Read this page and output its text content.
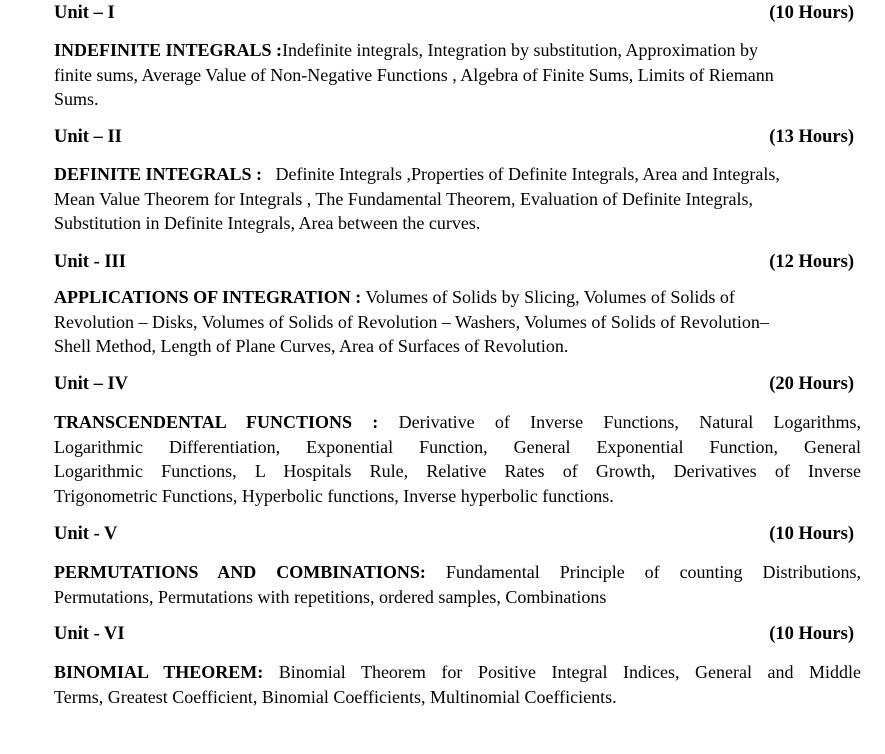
Unit – I	(10 Hours)
INDEFINITE INTEGRALS :Indefinite integrals, Integration by substitution, Approximation by
finite sums, Average Value of Non-Negative Functions , Algebra of Finite Sums, Limits of Riemann
Sums.
Unit – II	(13 Hours)
DEFINITE INTEGRALS :   Definite Integrals ,Properties of Definite Integrals, Area and Integrals,
Mean Value Theorem for Integrals , The Fundamental Theorem, Evaluation of Definite Integrals,
Substitution in Definite Integrals, Area between the curves.
Unit - III	(12 Hours)
APPLICATIONS OF INTEGRATION : Volumes of Solids by Slicing, Volumes of Solids of
Revolution – Disks, Volumes of Solids of Revolution – Washers, Volumes of Solids of Revolution–
Shell Method, Length of Plane Curves, Area of Surfaces of Revolution.
Unit – IV	(20 Hours)
TRANSCENDENTAL FUNCTIONS : Derivative of Inverse Functions, Natural Logarithms,
Logarithmic Differentiation, Exponential Function, General Exponential Function, General
Logarithmic Functions, L Hospitals Rule, Relative Rates of Growth, Derivatives of Inverse
Trigonometric Functions, Hyperbolic functions, Inverse hyperbolic functions.
Unit - V	(10 Hours)
PERMUTATIONS AND COMBINATIONS: Fundamental Principle of counting Distributions,
Permutations, Permutations with repetitions, ordered samples, Combinations
Unit - VI	(10 Hours)
BINOMIAL THEOREM: Binomial Theorem for Positive Integral Indices, General and Middle
Terms, Greatest Coefficient, Binomial Coefficients, Multinomial Coefficients.
